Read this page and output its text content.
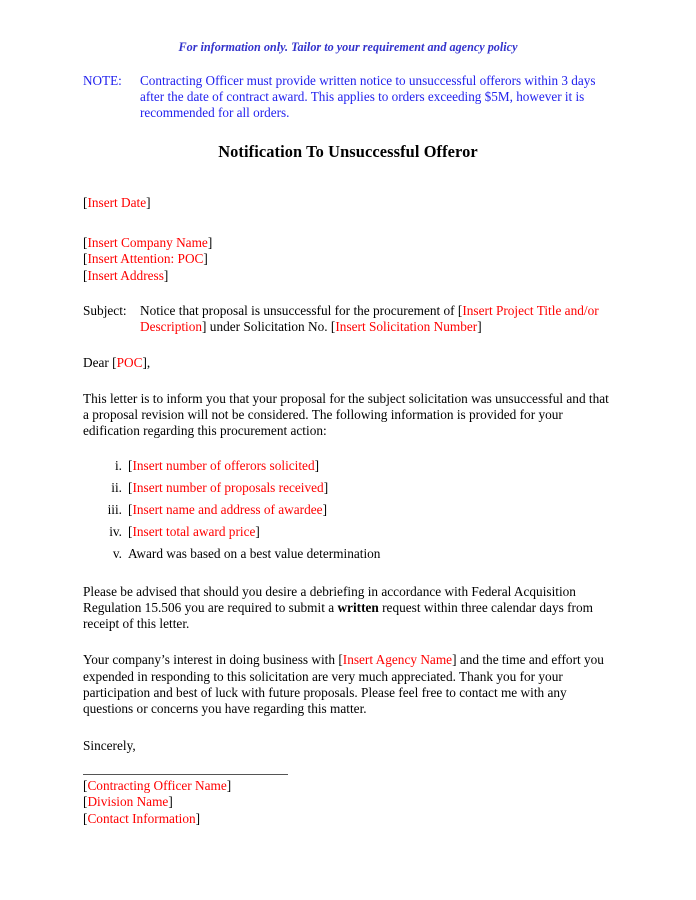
For information only. Tailor to your requirement and agency policy
NOTE:	Contracting Officer must provide written notice to unsuccessful offerors within 3 days after the date of contract award. This applies to orders exceeding $5M, however it is recommended for all orders.
Notification To Unsuccessful Offeror
[Insert Date]
[Insert Company Name]
[Insert Attention: POC]
[Insert Address]
Subject:	Notice that proposal is unsuccessful for the procurement of [Insert Project Title and/or Description] under Solicitation No. [Insert Solicitation Number]
Dear [POC],
This letter is to inform you that your proposal for the subject solicitation was unsuccessful and that a proposal revision will not be considered. The following information is provided for your edification regarding this procurement action:
i. [Insert number of offerors solicited]
ii. [Insert number of proposals received]
iii. [Insert name and address of awardee]
iv. [Insert total award price]
v. Award was based on a best value determination
Please be advised that should you desire a debriefing in accordance with Federal Acquisition Regulation 15.506 you are required to submit a written request within three calendar days from receipt of this letter.
Your company’s interest in doing business with [Insert Agency Name] and the time and effort you expended in responding to this solicitation are very much appreciated. Thank you for your participation and best of luck with future proposals. Please feel free to contact me with any questions or concerns you have regarding this matter.
Sincerely,
[Contracting Officer Name]
[Division Name]
[Contact Information]
